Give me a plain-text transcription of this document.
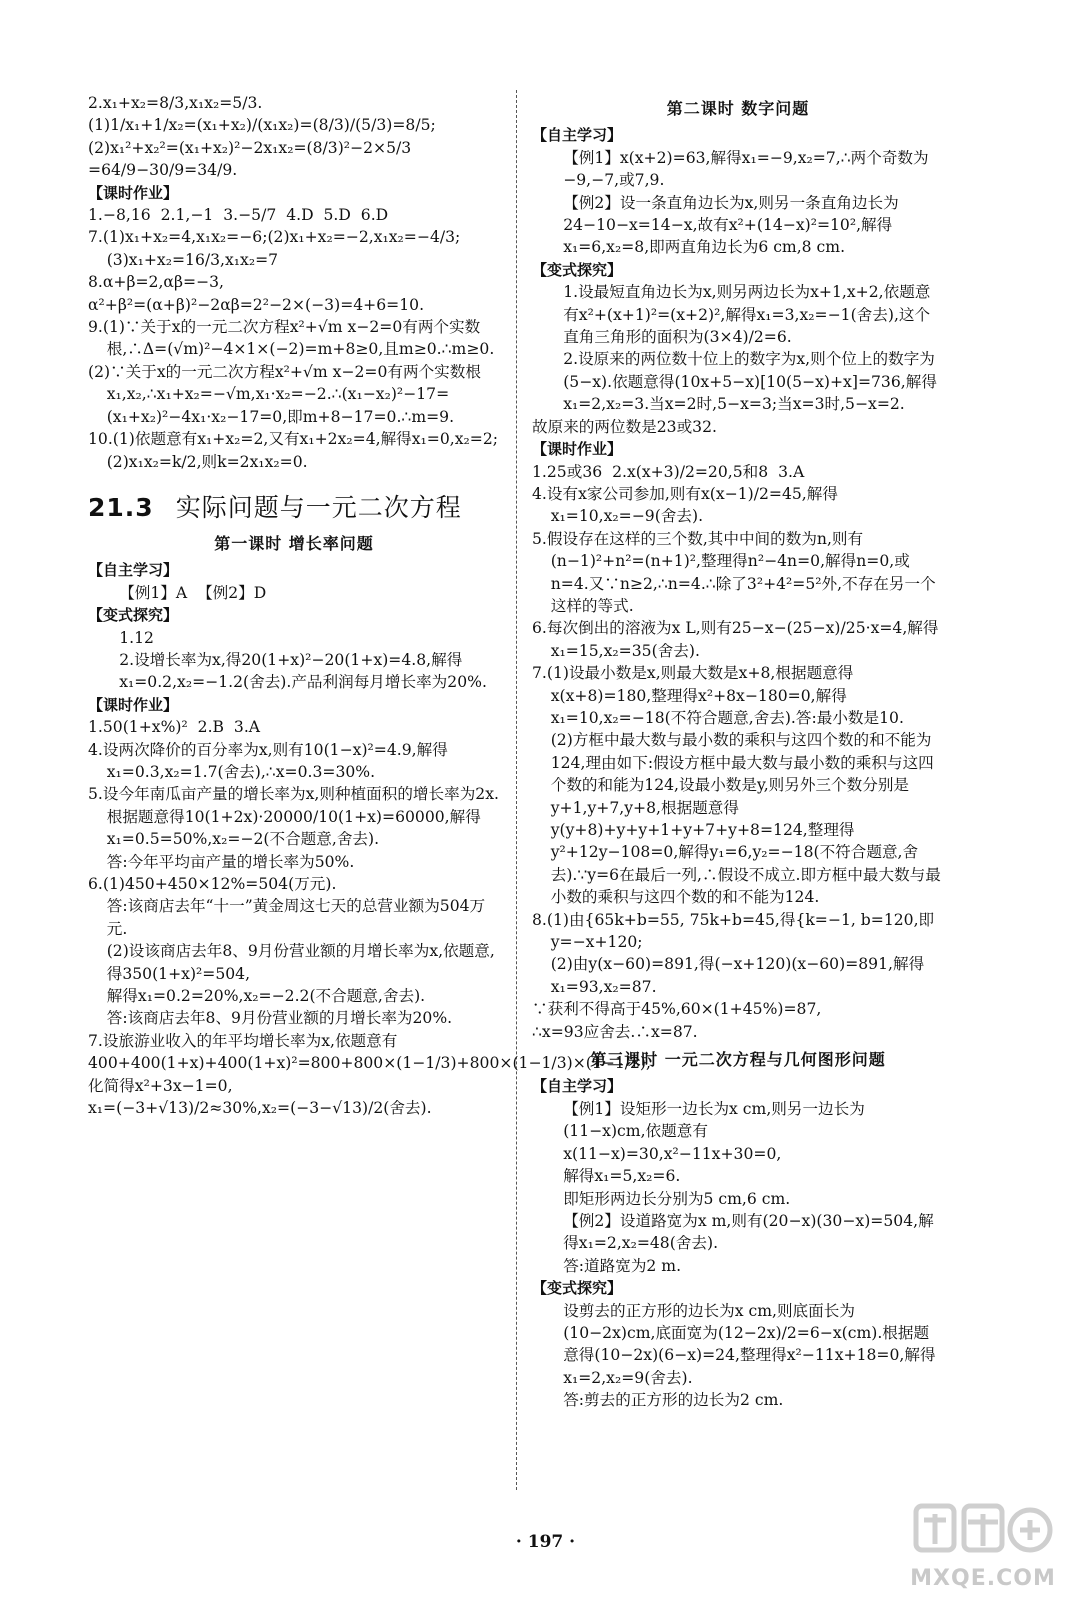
2.x₁+x₂=8/3,x₁x₂=5/3.
(1)1/x₁+1/x₂=(x₁+x₂)/(x₁x₂)=(8/3)/(5/3)=8/5;
(2)x₁²+x₂²=(x₁+x₂)²−2x₁x₂=(8/3)²−2×5/3
=64/9−30/9=34/9.
【课时作业】
1.−8,16  2.1,−1  3.−5/7  4.D  5.D  6.D
7.(1)x₁+x₂=4,x₁x₂=−6;(2)x₁+x₂=−2,x₁x₂=−4/3;(3)x₁+x₂=16/3,x₁x₂=7
8.α+β=2,αβ=−3,
α²+β²=(α+β)²−2αβ=2²−2×(−3)=4+6=10.
9.(1)∵关于x的一元二次方程x²+√m x−2=0有两个实数根,∴Δ=(√m)²−4×1×(−2)=m+8≥0,且m≥0.∴m≥0.
(2)∵关于x的一元二次方程x²+√m x−2=0有两个实数根x₁,x₂,∴x₁+x₂=−√m,x₁·x₂=−2.∴(x₁−x₂)²−17=(x₁+x₂)²−4x₁·x₂−17=0,即m+8−17=0.∴m=9.
10.(1)依题意有x₁+x₂=2,又有x₁+2x₂=4,解得x₁=0,x₂=2;(2)x₁x₂=k/2,则k=2x₁x₂=0.
21.3 实际问题与一元二次方程
第一课时 增长率问题
【自主学习】
【例1】A  【例2】D
【变式探究】
1.12
2.设增长率为x,得20(1+x)²−20(1+x)=4.8,解得x₁=0.2,x₂=−1.2(舍去).产品利润每月增长率为20%.
【课时作业】
1.50(1+x%)²  2.B  3.A
4.设两次降价的百分率为x,则有10(1−x)²=4.9,解得x₁=0.3,x₂=1.7(舍去),∴x=0.3=30%.
5.设今年南瓜亩产量的增长率为x,则种植面积的增长率为2x.根据题意得10(1+2x)·20000/10(1+x)=60000,解得x₁=0.5=50%,x₂=−2(不合题意,舍去).
答:今年平均亩产量的增长率为50%.
6.(1)450+450×12%=504(万元).
答:该商店去年“十一”黄金周这七天的总营业额为504万元.
(2)设该商店去年8、9月份营业额的月增长率为x,依题意,得350(1+x)²=504,
解得x₁=0.2=20%,x₂=−2.2(不合题意,舍去).
答:该商店去年8、9月份营业额的月增长率为20%.
7.设旅游业收入的年平均增长率为x,依题意有
400+400(1+x)+400(1+x)²=800+800×(1−1/3)+800×(1−1/3)×(1−1/2),
化简得x²+3x−1=0,
x₁=(−3+√13)/2≈30%,x₂=(−3−√13)/2(舍去).
第二课时 数字问题
【自主学习】
【例1】x(x+2)=63,解得x₁=−9,x₂=7,∴两个奇数为−9,−7,或7,9.
【例2】设一条直角边长为x,则另一条直角边长为24−10−x=14−x,故有x²+(14−x)²=10²,解得x₁=6,x₂=8,即两直角边长为6 cm,8 cm.
【变式探究】
1.设最短直角边长为x,则另两边长为x+1,x+2,依题意有x²+(x+1)²=(x+2)²,解得x₁=3,x₂=−1(舍去),这个直角三角形的面积为(3×4)/2=6.
2.设原来的两位数十位上的数字为x,则个位上的数字为(5−x).依题意得(10x+5−x)[10(5−x)+x]=736,解得x₁=2,x₂=3.当x=2时,5−x=3;当x=3时,5−x=2.
故原来的两位数是23或32.
【课时作业】
1.25或36  2.x(x+3)/2=20,5和8  3.A
4.设有x家公司参加,则有x(x−1)/2=45,解得x₁=10,x₂=−9(舍去).
5.假设存在这样的三个数,其中中间的数为n,则有(n−1)²+n²=(n+1)²,整理得n²−4n=0,解得n=0,或n=4.又∵n≥2,∴n=4.∴除了3²+4²=5²外,不存在另一个这样的等式.
6.每次倒出的溶液为x L,则有25−x−(25−x)/25·x=4,解得x₁=15,x₂=35(舍去).
7.(1)设最小数是x,则最大数是x+8,根据题意得x(x+8)=180,整理得x²+8x−180=0,解得x₁=10,x₂=−18(不符合题意,舍去).答:最小数是10.
(2)方框中最大数与最小数的乘积与这四个数的和不能为124,理由如下:假设方框中最大数与最小数的乘积与这四个数的和能为124,设最小数是y,则另外三个数分别是y+1,y+7,y+8,根据题意得y(y+8)+y+y+1+y+7+y+8=124,整理得y²+12y−108=0,解得y₁=6,y₂=−18(不符合题意,舍去).∵y=6在最后一列,∴假设不成立.即方框中最大数与最小数的乘积与这四个数的和不能为124.
8.(1)由{65k+b=55, 75k+b=45,得{k=−1, b=120,即y=−x+120;
(2)由y(x−60)=891,得(−x+120)(x−60)=891,解得x₁=93,x₂=87.
∵获利不得高于45%,60×(1+45%)=87,
∴x=93应舍去.∴x=87.
第三课时 一元二次方程与几何图形问题
【自主学习】
【例1】设矩形一边长为x cm,则另一边长为(11−x)cm,依题意有
x(11−x)=30,x²−11x+30=0,
解得x₁=5,x₂=6.
即矩形两边长分别为5 cm,6 cm.
【例2】设道路宽为x m,则有(20−x)(30−x)=504,解得x₁=2,x₂=48(舍去).
答:道路宽为2 m.
【变式探究】
设剪去的正方形的边长为x cm,则底面长为(10−2x)cm,底面宽为(12−2x)/2=6−x(cm).根据题意得(10−2x)(6−x)=24,整理得x²−11x+18=0,解得x₁=2,x₂=9(舍去).
答:剪去的正方形的边长为2 cm.
· 197 ·
MXQE.COM
